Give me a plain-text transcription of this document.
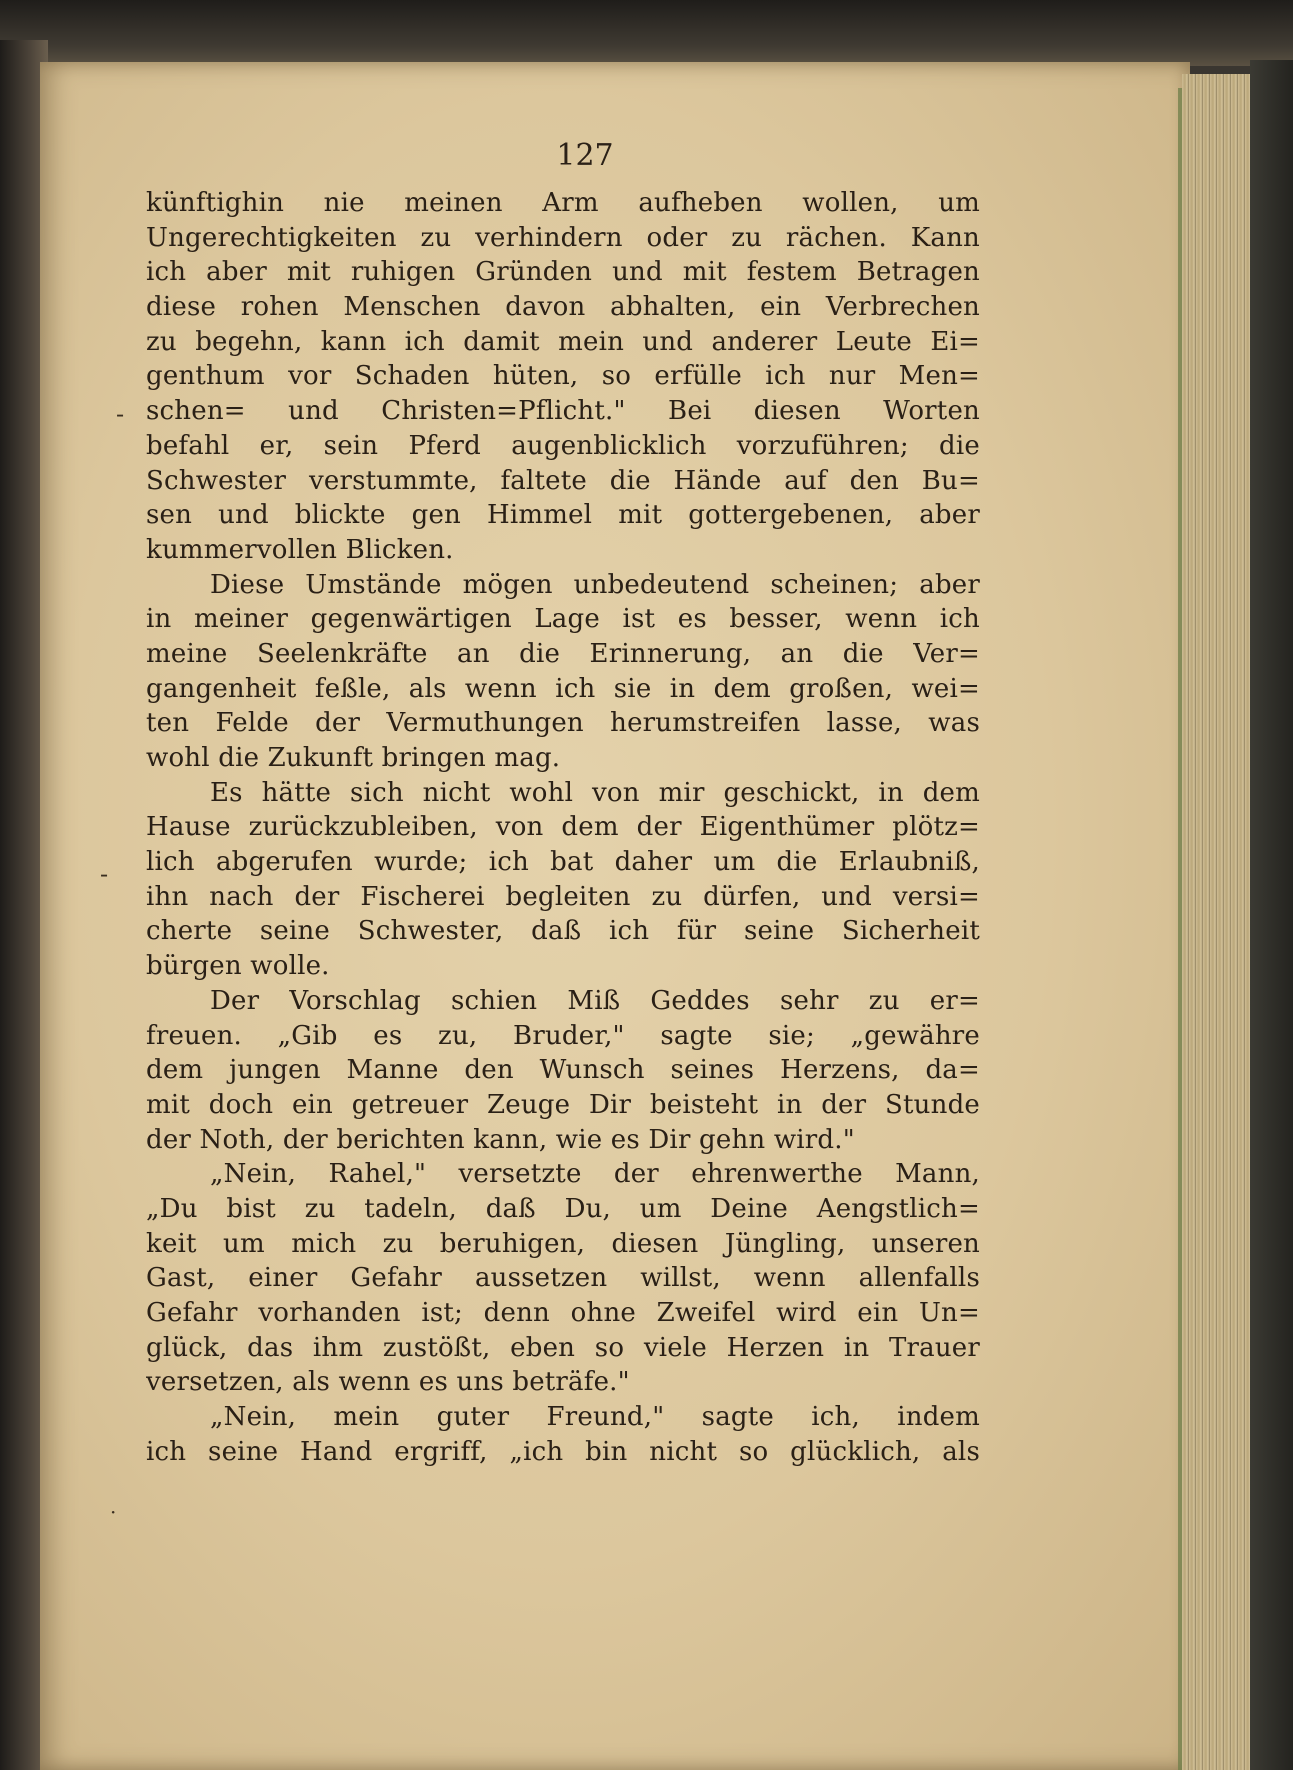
127
-
-
·
künftighin nie meinen Arm aufheben wollen, um
Ungerechtigkeiten zu verhindern oder zu rächen. Kann
ich aber mit ruhigen Gründen und mit festem Betragen
diese rohen Menschen davon abhalten, ein Verbrechen
zu begehn, kann ich damit mein und anderer Leute Ei=
genthum vor Schaden hüten, so erfülle ich nur Men=
schen= und Christen=Pflicht." Bei diesen Worten
befahl er, sein Pferd augenblicklich vorzuführen; die
Schwester verstummte, faltete die Hände auf den Bu=
sen und blickte gen Himmel mit gottergebenen, aber
kummervollen Blicken.
Diese Umstände mögen unbedeutend scheinen; aber
in meiner gegenwärtigen Lage ist es besser, wenn ich
meine Seelenkräfte an die Erinnerung, an die Ver=
gangenheit feßle, als wenn ich sie in dem großen, wei=
ten Felde der Vermuthungen herumstreifen lasse, was
wohl die Zukunft bringen mag.
Es hätte sich nicht wohl von mir geschickt, in dem
Hause zurückzubleiben, von dem der Eigenthümer plötz=
lich abgerufen wurde; ich bat daher um die Erlaubniß,
ihn nach der Fischerei begleiten zu dürfen, und versi=
cherte seine Schwester, daß ich für seine Sicherheit
bürgen wolle.
Der Vorschlag schien Miß Geddes sehr zu er=
freuen. „Gib es zu, Bruder," sagte sie; „gewähre
dem jungen Manne den Wunsch seines Herzens, da=
mit doch ein getreuer Zeuge Dir beisteht in der Stunde
der Noth, der berichten kann, wie es Dir gehn wird."
„Nein, Rahel," versetzte der ehrenwerthe Mann,
„Du bist zu tadeln, daß Du, um Deine Aengstlich=
keit um mich zu beruhigen, diesen Jüngling, unseren
Gast, einer Gefahr aussetzen willst, wenn allenfalls
Gefahr vorhanden ist; denn ohne Zweifel wird ein Un=
glück, das ihm zustößt, eben so viele Herzen in Trauer
versetzen, als wenn es uns beträfe."
„Nein, mein guter Freund," sagte ich, indem
ich seine Hand ergriff, „ich bin nicht so glücklich, als
